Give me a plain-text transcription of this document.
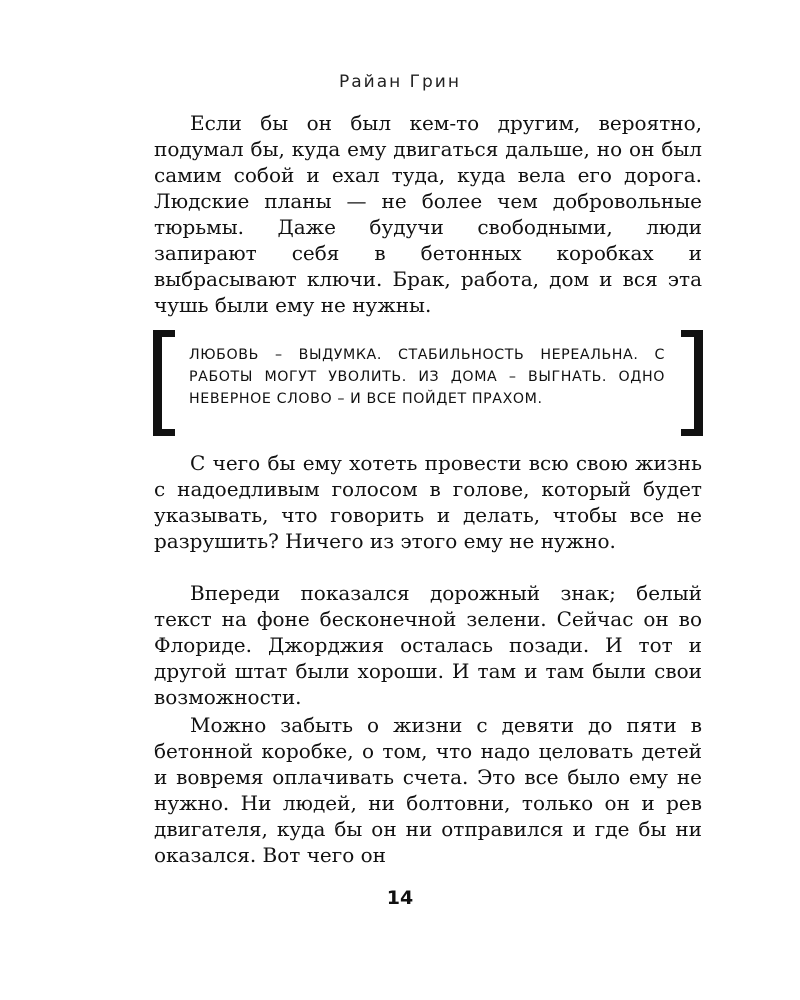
Райан Грин

Если бы он был кем-то другим, вероятно, подумал бы, куда ему двигаться дальше, но он был самим собой и ехал туда, куда вела его дорога. Людские планы — не более чем добровольные тюрьмы. Даже будучи свободными, люди запирают себя в бетонных коробках и выбрасывают ключи. Брак, работа, дом и вся эта чушь были ему не нужны.

ЛЮБОВЬ – ВЫДУМКА. СТАБИЛЬНОСТЬ НЕРЕАЛЬНА. С РАБОТЫ МОГУТ УВОЛИТЬ. ИЗ ДОМА – ВЫГНАТЬ. ОДНО НЕВЕРНОЕ СЛОВО – И ВСЕ ПОЙДЕТ ПРАХОМ.

С чего бы ему хотеть провести всю свою жизнь с надоедливым голосом в голове, который будет указывать, что говорить и делать, чтобы все не разрушить? Ничего из этого ему не нужно.

Впереди показался дорожный знак; белый текст на фоне бесконечной зелени. Сейчас он во Флориде. Джорджия осталась позади. И тот и другой штат были хороши. И там и там были свои возможности.

Можно забыть о жизни с девяти до пяти в бетонной коробке, о том, что надо целовать детей и вовремя оплачивать счета. Это все было ему не нужно. Ни людей, ни болтовни, только он и рев двигателя, куда бы он ни отправился и где бы ни оказался. Вот чего он

14
